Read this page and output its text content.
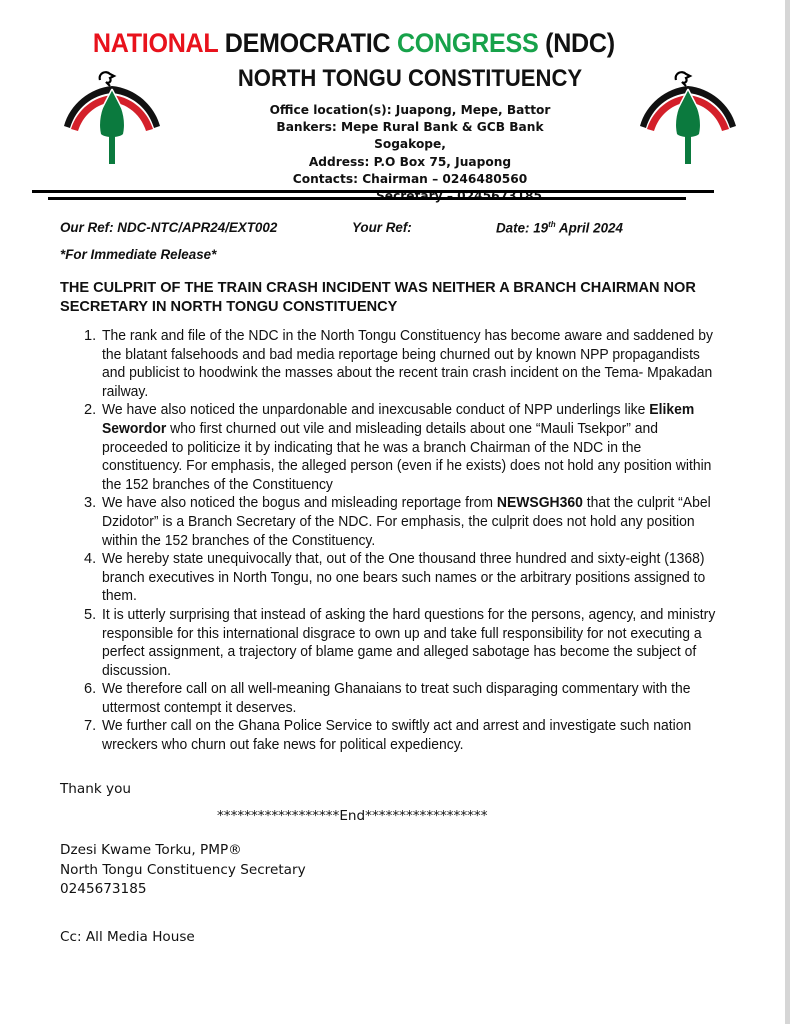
NATIONAL DEMOCRATIC CONGRESS (NDC)
NORTH TONGU CONSTITUENCY
Office location(s): Juapong, Mepe, Battor
Bankers: Mepe Rural Bank & GCB Bank Sogakope,
Address: P.O Box 75, Juapong
Contacts: Chairman – 0246480560
Our Ref: NDC-NTC/APR24/EXT002	Your Ref:	Date: 19th April 2024
*For Immediate Release*
THE CULPRIT OF THE TRAIN CRASH INCIDENT WAS NEITHER A BRANCH CHAIRMAN NOR SECRETARY IN NORTH TONGU CONSTITUENCY
1. The rank and file of the NDC in the North Tongu Constituency has become aware and saddened by the blatant falsehoods and bad media reportage being churned out by known NPP propagandists and publicist to hoodwink the masses about the recent train crash incident on the Tema- Mpakadan railway.
2. We have also noticed the unpardonable and inexcusable conduct of NPP underlings like Elikem Sewordor who first churned out vile and misleading details about one “Mauli Tsekpor” and proceeded to politicize it by indicating that he was a branch Chairman of the NDC in the constituency. For emphasis, the alleged person (even if he exists) does not hold any position within the 152 branches of the Constituency
3. We have also noticed the bogus and misleading reportage from NEWSGH360 that the culprit “Abel Dzidotor” is a Branch Secretary of the NDC. For emphasis, the culprit does not hold any position within the 152 branches of the Constituency.
4. We hereby state unequivocally that, out of the One thousand three hundred and sixty-eight (1368) branch executives in North Tongu, no one bears such names or the arbitrary positions assigned to them.
5. It is utterly surprising that instead of asking the hard questions for the persons, agency, and ministry responsible for this international disgrace to own up and take full responsibility for not executing a perfect assignment, a trajectory of blame game and alleged sabotage has become the subject of discussion.
6. We therefore call on all well-meaning Ghanaians to treat such disparaging commentary with the uttermost contempt it deserves.
7. We further call on the Ghana Police Service to swiftly act and arrest and investigate such nation wreckers who churn out fake news for political expediency.
Thank you
******************End******************
Dzesi Kwame Torku, PMP®
North Tongu Constituency Secretary
0245673185
Cc: All Media House
